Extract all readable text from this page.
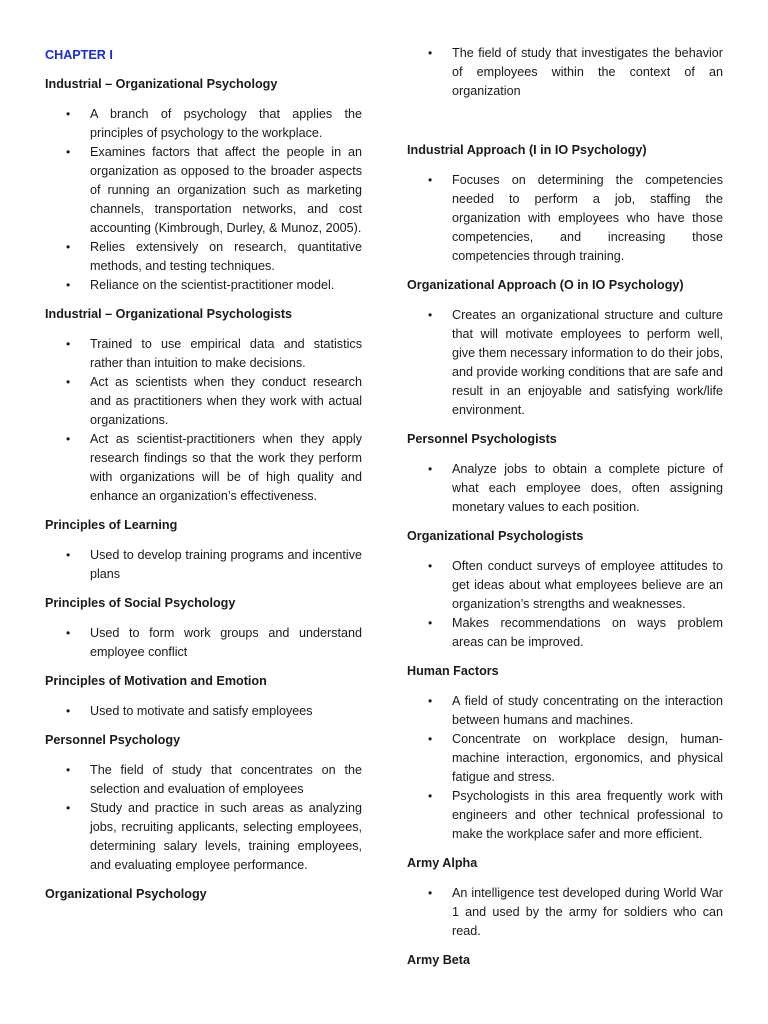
CHAPTER I
Industrial – Organizational Psychology
• A branch of psychology that applies the principles of psychology to the workplace.
• Examines factors that affect the people in an organization as opposed to the broader aspects of running an organization such as marketing channels, transportation networks, and cost accounting (Kimbrough, Durley, & Munoz, 2005).
• Relies extensively on research, quantitative methods, and testing techniques.
• Reliance on the scientist-practitioner model.
Industrial – Organizational Psychologists
• Trained to use empirical data and statistics rather than intuition to make decisions.
• Act as scientists when they conduct research and as practitioners when they work with actual organizations.
• Act as scientist-practitioners when they apply research findings so that the work they perform with organizations will be of high quality and enhance an organization’s effectiveness.
Principles of Learning
• Used to develop training programs and incentive plans
Principles of Social Psychology
• Used to form work groups and understand employee conflict
Principles of Motivation and Emotion
• Used to motivate and satisfy employees
Personnel Psychology
• The field of study that concentrates on the selection and evaluation of employees
• Study and practice in such areas as analyzing jobs, recruiting applicants, selecting employees, determining salary levels, training employees, and evaluating employee performance.
Organizational Psychology
• The field of study that investigates the behavior of employees within the context of an organization
Industrial Approach (I in IO Psychology)
• Focuses on determining the competencies needed to perform a job, staffing the organization with employees who have those competencies, and increasing those competencies through training.
Organizational Approach (O in IO Psychology)
• Creates an organizational structure and culture that will motivate employees to perform well, give them necessary information to do their jobs, and provide working conditions that are safe and result in an enjoyable and satisfying work/life environment.
Personnel Psychologists
• Analyze jobs to obtain a complete picture of what each employee does, often assigning monetary values to each position.
Organizational Psychologists
• Often conduct surveys of employee attitudes to get ideas about what employees believe are an organization’s strengths and weaknesses.
• Makes recommendations on ways problem areas can be improved.
Human Factors
• A field of study concentrating on the interaction between humans and machines.
• Concentrate on workplace design, human-machine interaction, ergonomics, and physical fatigue and stress.
• Psychologists in this area frequently work with engineers and other technical professional to make the workplace safer and more efficient.
Army Alpha
• An intelligence test developed during World War 1 and used by the army for soldiers who can read.
Army Beta
